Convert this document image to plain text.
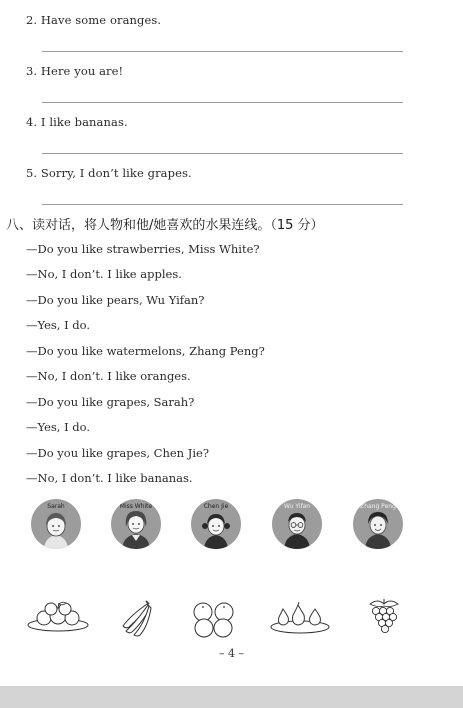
2. Have some oranges.
3. Here you are!
4. I like bananas.
5. Sorry, I don’t like grapes.
八、读对话，将人物和他/她喜欢的水果连线。（15 分）
—Do you like strawberries, Miss White?
—No, I don’t. I like apples.
—Do you like pears, Wu Yifan?
—Yes, I do.
—Do you like watermelons, Zhang Peng?
—No, I don’t. I like oranges.
—Do you like grapes, Sarah?
—Yes, I do.
—Do you like grapes, Chen Jie?
—No, I don’t. I like bananas.
Sarah	Miss White	Chen Jie	Wu Yifan	Zhang Peng
– 4 –
